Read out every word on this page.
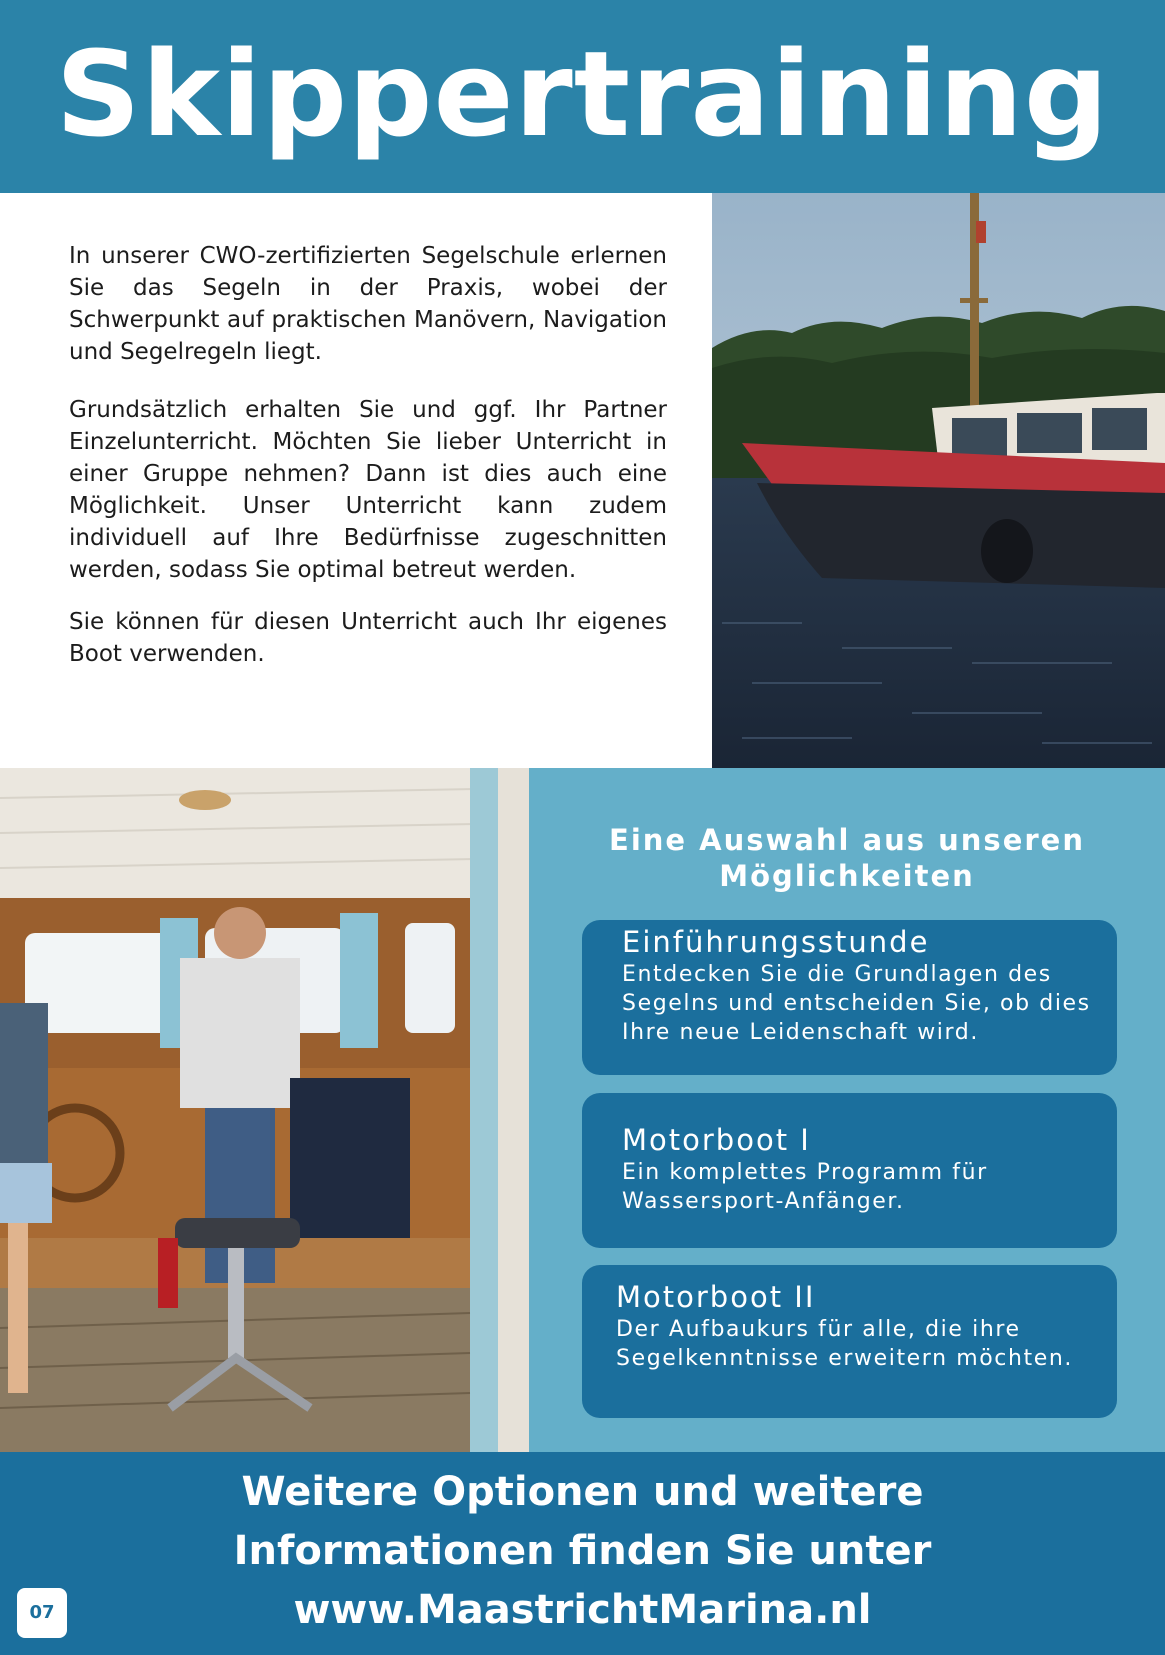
Skippertraining

In unserer CWO-zertifizierten Segelschule erlernen Sie das Segeln in der Praxis, wobei der Schwerpunkt auf praktischen Manövern, Navigation und Segelregeln liegt.

Grundsätzlich erhalten Sie und ggf. Ihr Partner Einzelunterricht. Möchten Sie lieber Unterricht in einer Gruppe nehmen? Dann ist dies auch eine Möglichkeit. Unser Unterricht kann zudem individuell auf Ihre Bedürfnisse zugeschnitten werden, sodass Sie optimal betreut werden.

Sie können für diesen Unterricht auch Ihr eigenes Boot verwenden.

Eine Auswahl aus unseren
Möglichkeiten
Einführungsstunde
Entdecken Sie die Grundlagen des Segelns und entscheiden Sie, ob dies Ihre neue Leidenschaft wird.
Motorboot I
Ein komplettes Programm für Wassersport-Anfänger.
Motorboot II
Der Aufbaukurs für alle, die ihre Segelkenntnisse erweitern möchten.
Weitere Optionen und weitere
Informationen finden Sie unter
www.MaastrichtMarina.nl
07
